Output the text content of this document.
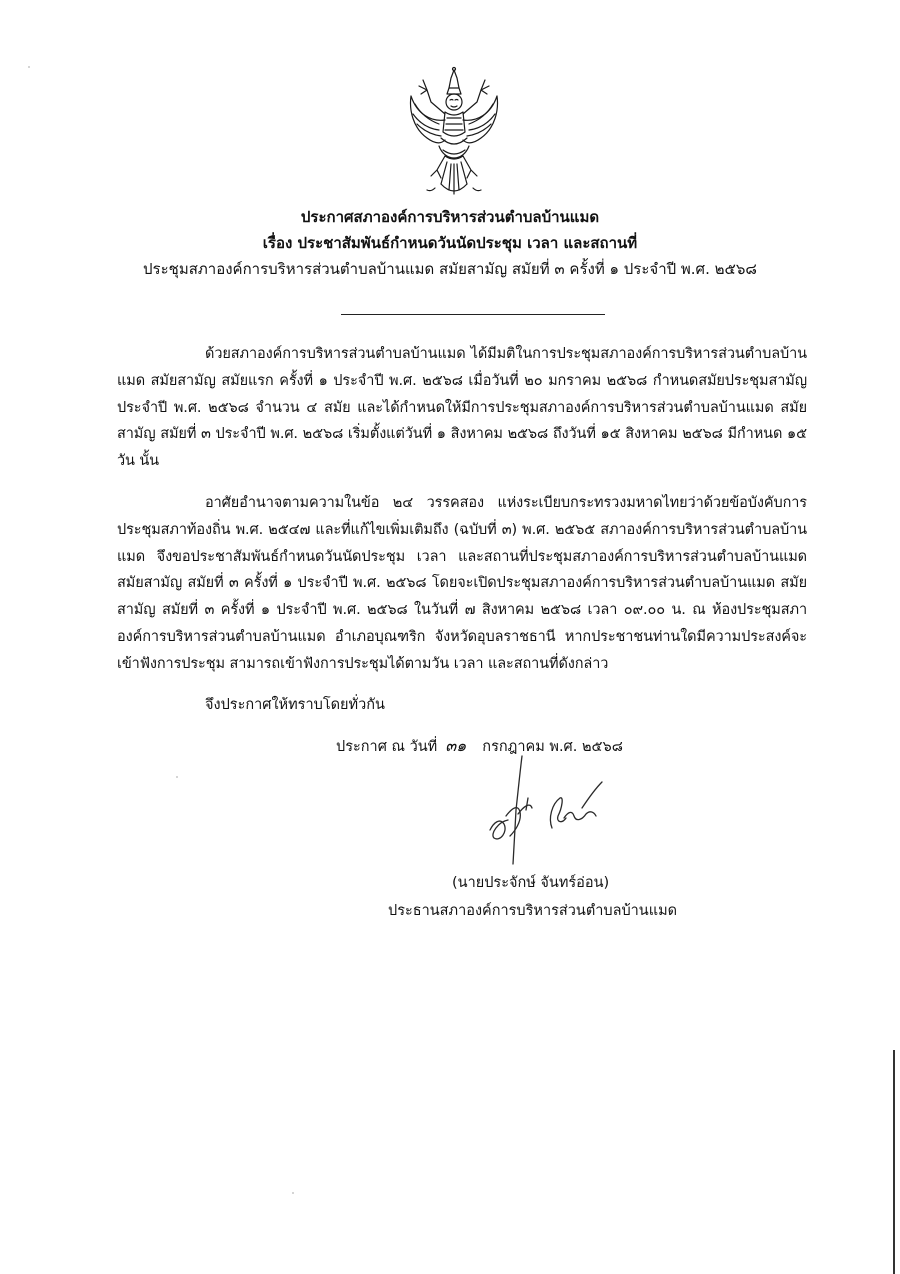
ประกาศสภาองค์การบริหารส่วนตำบลบ้านแมด
เรื่อง ประชาสัมพันธ์กำหนดวันนัดประชุม เวลา และสถานที่
ประชุมสภาองค์การบริหารส่วนตำบลบ้านแมด สมัยสามัญ สมัยที่ ๓ ครั้งที่ ๑ ประจำปี พ.ศ. ๒๕๖๘
ด้วยสภาองค์การบริหารส่วนตำบลบ้านแมด ได้มีมติในการประชุมสภาองค์การบริหารส่วนตำบลบ้านแมด สมัยสามัญ สมัยแรก ครั้งที่ ๑ ประจำปี พ.ศ. ๒๕๖๘ เมื่อวันที่ ๒๐ มกราคม ๒๕๖๘ กำหนดสมัยประชุมสามัญ ประจำปี พ.ศ. ๒๕๖๘ จำนวน ๔ สมัย และได้กำหนดให้มีการประชุมสภาองค์การบริหารส่วนตำบลบ้านแมด สมัยสามัญ สมัยที่ ๓ ประจำปี พ.ศ. ๒๕๖๘ เริ่มตั้งแต่วันที่ ๑ สิงหาคม ๒๕๖๘ ถึงวันที่ ๑๕ สิงหาคม ๒๕๖๘ มีกำหนด ๑๕ วัน นั้น
อาศัยอำนาจตามความในข้อ ๒๔ วรรคสอง แห่งระเบียบกระทรวงมหาดไทยว่าด้วยข้อบังคับการประชุมสภาท้องถิ่น พ.ศ. ๒๕๔๗ และที่แก้ไขเพิ่มเติมถึง (ฉบับที่ ๓) พ.ศ. ๒๕๖๕ สภาองค์การบริหารส่วนตำบลบ้านแมด จึงขอประชาสัมพันธ์กำหนดวันนัดประชุม เวลา และสถานที่ประชุมสภาองค์การบริหารส่วนตำบลบ้านแมด สมัยสามัญ สมัยที่ ๓ ครั้งที่ ๑ ประจำปี พ.ศ. ๒๕๖๘ โดยจะเปิดประชุมสภาองค์การบริหารส่วนตำบลบ้านแมด สมัยสามัญ สมัยที่ ๓ ครั้งที่ ๑ ประจำปี พ.ศ. ๒๕๖๘ ในวันที่ ๗ สิงหาคม ๒๕๖๘ เวลา ๐๙.๐๐ น. ณ ห้องประชุมสภาองค์การบริหารส่วนตำบลบ้านแมด อำเภอบุณฑริก จังหวัดอุบลราชธานี หากประชาชนท่านใดมีความประสงค์จะเข้าฟังการประชุม สามารถเข้าฟังการประชุมได้ตามวัน เวลา และสถานที่ดังกล่าว
จึงประกาศให้ทราบโดยทั่วกัน
ประกาศ ณ วันที่ ๓๑ กรกฎาคม พ.ศ. ๒๕๖๘
(นายประจักษ์ จันทร์อ่อน)
ประธานสภาองค์การบริหารส่วนตำบลบ้านแมด
